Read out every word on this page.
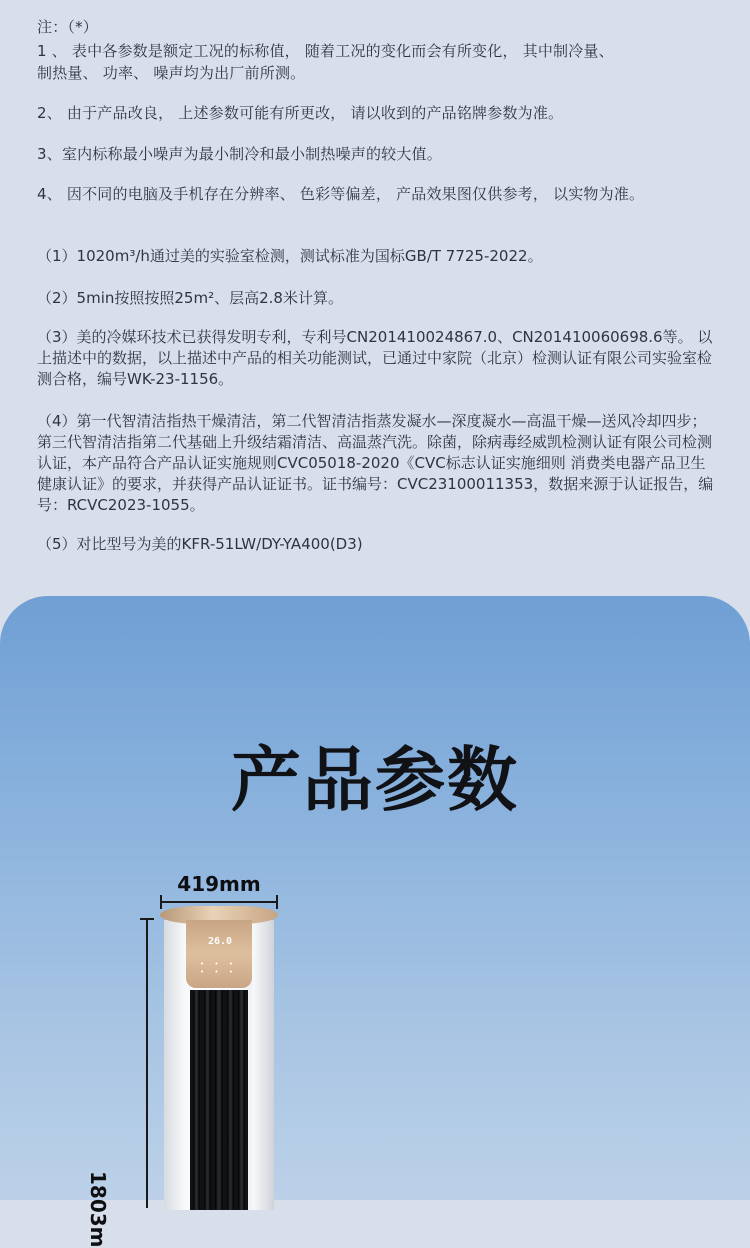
注：（*）
1 、 表中各参数是额定工况的标称值， 随着工况的变化而会有所变化， 其中制冷量、
制热量、 功率、 噪声均为出厂前所测。
2、 由于产品改良， 上述参数可能有所更改， 请以收到的产品铭牌参数为准。
3、室内标称最小噪声为最小制冷和最小制热噪声的较大值。
4、 因不同的电脑及手机存在分辨率、 色彩等偏差， 产品效果图仅供参考， 以实物为准。
（1）1020m³/h通过美的实验室检测，测试标准为国标GB/T 7725-2022。
（2）5min按照按照25m²、层高2.8米计算。
（3）美的冷媒环技术已获得发明专利，专利号CN201410024867.0、CN201410060698.6等。 以上描述中的数据，以上描述中产品的相关功能测试，已通过中家院（北京）检测认证有限公司实验室检测合格，编号WK-23-1156。
（4）第一代智清洁指热干燥清洁，第二代智清洁指蒸发凝水—深度凝水—高温干燥—送风冷却四步；第三代智清洁指第二代基础上升级结霜清洁、高温蒸汽洗。除菌，除病毒经威凯检测认证有限公司检测认证，本产品符合产品认证实施规则CVC05018-2020《CVC标志认证实施细则 消费类电器产品卫生健康认证》的要求，并获得产品认证证书。证书编号：CVC23100011353，数据来源于认证报告，编号：RCVC2023-1055。
（5）对比型号为美的KFR-51LW/DY-YA400(D3)
产品参数
419mm
1803m
26.0
• • •
• • •
